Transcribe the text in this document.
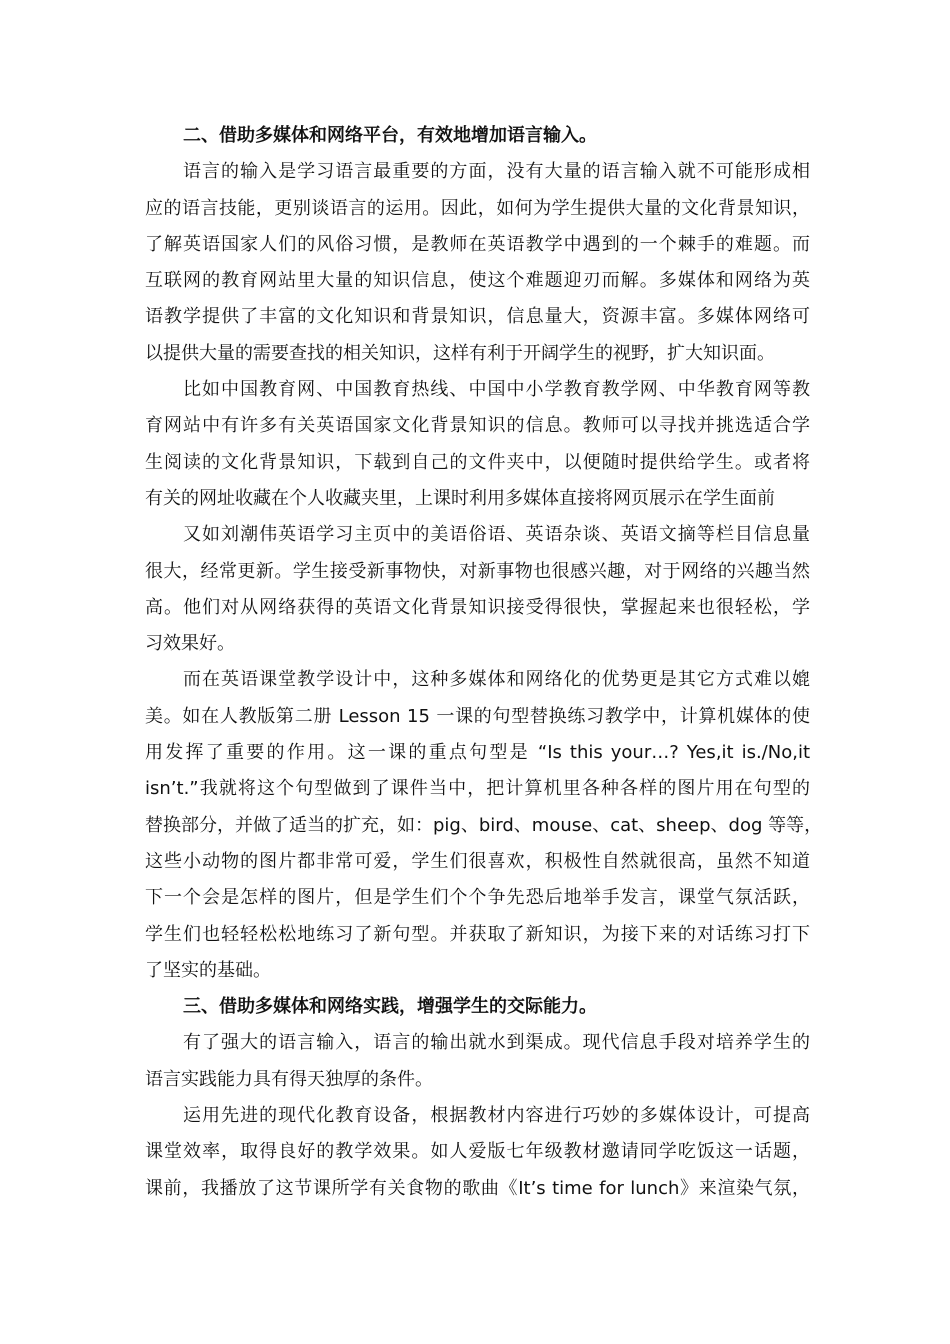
二、借助多媒体和网络平台，有效地增加语言输入。
语言的输入是学习语言最重要的方面，没有大量的语言输入就不可能形成相
应的语言技能，更别谈语言的运用。因此，如何为学生提供大量的文化背景知识，
了解英语国家人们的风俗习惯，是教师在英语教学中遇到的一个棘手的难题。而
互联网的教育网站里大量的知识信息，使这个难题迎刃而解。多媒体和网络为英
语教学提供了丰富的文化知识和背景知识，信息量大，资源丰富。多媒体网络可
以提供大量的需要查找的相关知识，这样有利于开阔学生的视野，扩大知识面。
比如中国教育网、中国教育热线、中国中小学教育教学网、中华教育网等教
育网站中有许多有关英语国家文化背景知识的信息。教师可以寻找并挑选适合学
生阅读的文化背景知识，下载到自己的文件夹中，以便随时提供给学生。或者将
有关的网址收藏在个人收藏夹里，上课时利用多媒体直接将网页展示在学生面前
又如刘潮伟英语学习主页中的美语俗语、英语杂谈、英语文摘等栏目信息量
很大，经常更新。学生接受新事物快，对新事物也很感兴趣，对于网络的兴趣当然
高。他们对从网络获得的英语文化背景知识接受得很快，掌握起来也很轻松，学
习效果好。
而在英语课堂教学设计中，这种多媒体和网络化的优势更是其它方式难以媲
美。如在人教版第二册 Lesson 15 一课的句型替换练习教学中，计算机媒体的使
用发挥了重要的作用。这一课的重点句型是 “Is this your…? Yes,it is./No,it
isn’t.”我就将这个句型做到了课件当中，把计算机里各种各样的图片用在句型的
替换部分，并做了适当的扩充，如：pig、bird、mouse、cat、sheep、dog 等等，
这些小动物的图片都非常可爱，学生们很喜欢，积极性自然就很高，虽然不知道
下一个会是怎样的图片，但是学生们个个争先恐后地举手发言，课堂气氛活跃，
学生们也轻轻松松地练习了新句型。并获取了新知识，为接下来的对话练习打下
了坚实的基础。
三、借助多媒体和网络实践，增强学生的交际能力。
有了强大的语言输入，语言的输出就水到渠成。现代信息手段对培养学生的
语言实践能力具有得天独厚的条件。
运用先进的现代化教育设备，根据教材内容进行巧妙的多媒体设计，可提高
课堂效率，取得良好的教学效果。如人爱版七年级教材邀请同学吃饭这一话题，
课前，我播放了这节课所学有关食物的歌曲《It’s time for lunch》来渲染气氛，
